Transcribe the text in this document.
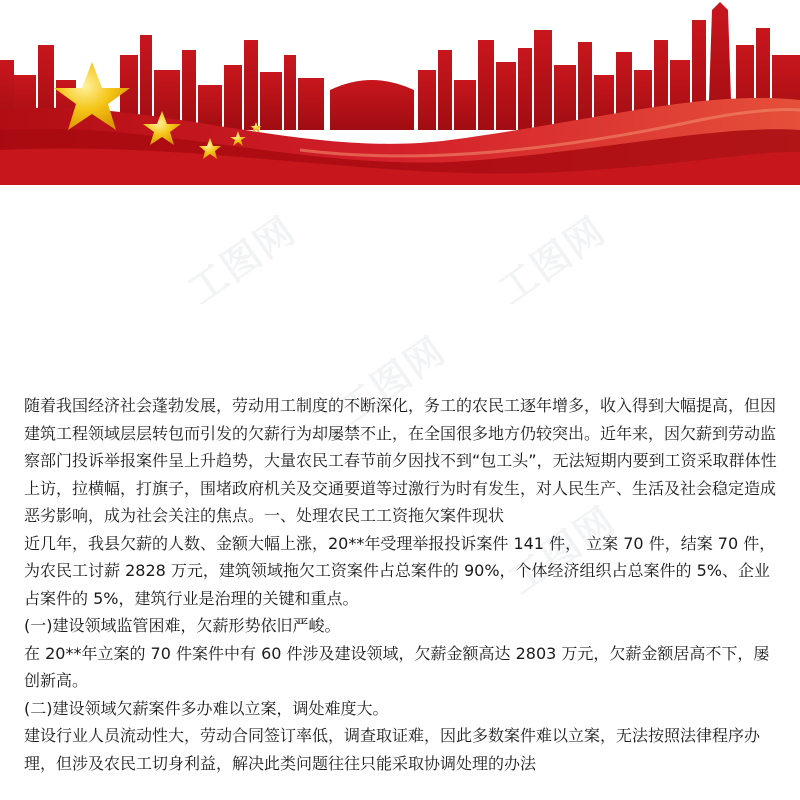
工图网	工图网
工图网
工图网

随着我国经济社会蓬勃发展，劳动用工制度的不断深化，务工的农民工逐年增多，收入得到大幅提高，但因建筑工程领域层层转包而引发的欠薪行为却屡禁不止，在全国很多地方仍较突出。近年来，因欠薪到劳动监察部门投诉举报案件呈上升趋势，大量农民工春节前夕因找不到“包工头”，无法短期内要到工资采取群体性上访，拉横幅，打旗子，围堵政府机关及交通要道等过激行为时有发生，对人民生产、生活及社会稳定造成恶劣影响，成为社会关注的焦点。一、处理农民工工资拖欠案件现状

近几年，我县欠薪的人数、金额大幅上涨，20**年受理举报投诉案件 141 件， 立案 70 件，结案 70 件，为农民工讨薪 2828 万元，建筑领域拖欠工资案件占总案件的 90%，个体经济组织占总案件的 5%、企业占案件的 5%，建筑行业是治理的关键和重点。

(一)建设领域监管困难，欠薪形势依旧严峻。

在 20**年立案的 70 件案件中有 60 件涉及建设领域，欠薪金额高达 2803 万元，欠薪金额居高不下，屡创新高。

(二)建设领域欠薪案件多办难以立案，调处难度大。

建设行业人员流动性大，劳动合同签订率低，调查取证难，因此多数案件难以立案，无法按照法律程序办理，但涉及农民工切身利益，解决此类问题往往只能采取协调处理的办法
